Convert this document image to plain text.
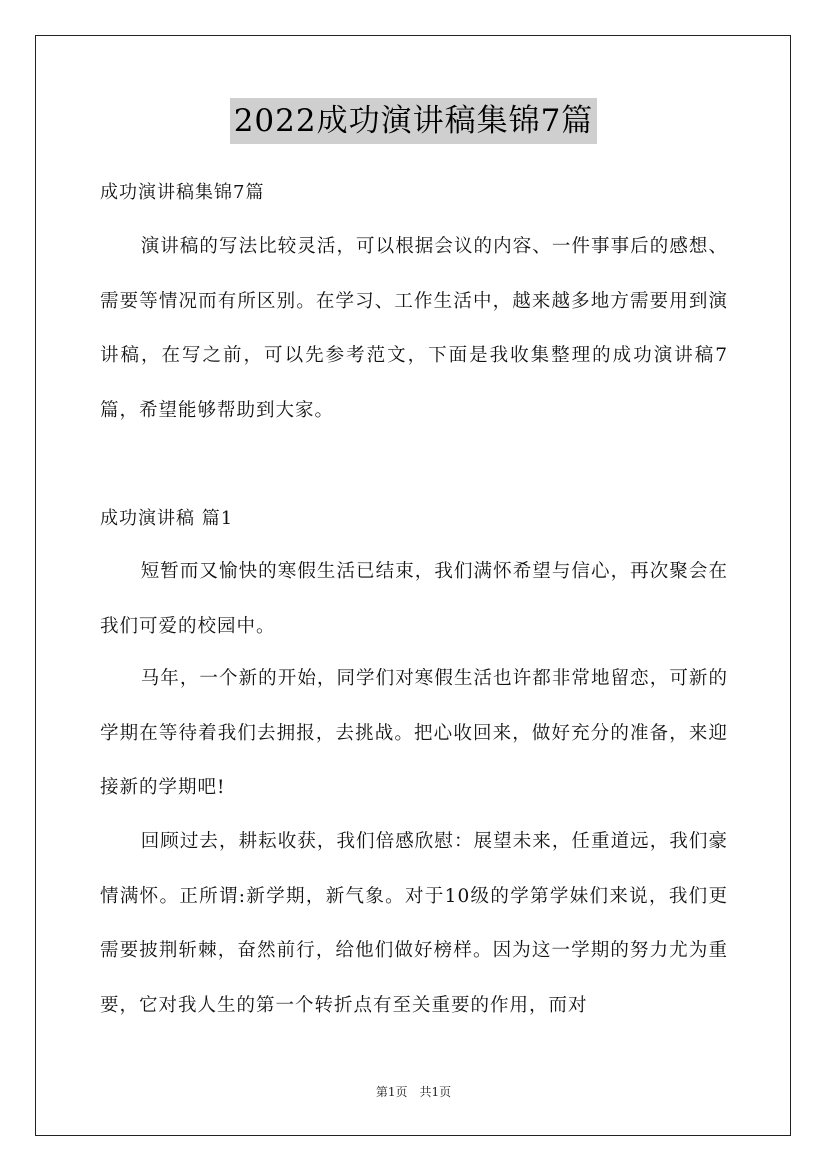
2022成功演讲稿集锦7篇

成功演讲稿集锦7篇

演讲稿的写法比较灵活，可以根据会议的内容、一件事事后的感想、需要等情况而有所区别。在学习、工作生活中，越来越多地方需要用到演讲稿，在写之前，可以先参考范文，下面是我收集整理的成功演讲稿7篇，希望能够帮助到大家。

成功演讲稿 篇1

短暂而又愉快的寒假生活已结束，我们满怀希望与信心，再次聚会在我们可爱的校园中。

马年，一个新的开始，同学们对寒假生活也许都非常地留恋，可新的学期在等待着我们去拥报，去挑战。把心收回来，做好充分的准备，来迎接新的学期吧!

回顾过去，耕耘收获，我们倍感欣慰：展望未来，任重道远，我们豪情满怀。正所谓:新学期，新气象。对于10级的学第学妹们来说，我们更需要披荆斩棘，奋然前行，给他们做好榜样。因为这一学期的努力尤为重要，它对我人生的第一个转折点有至关重要的作用，而对

第1页 共1页
